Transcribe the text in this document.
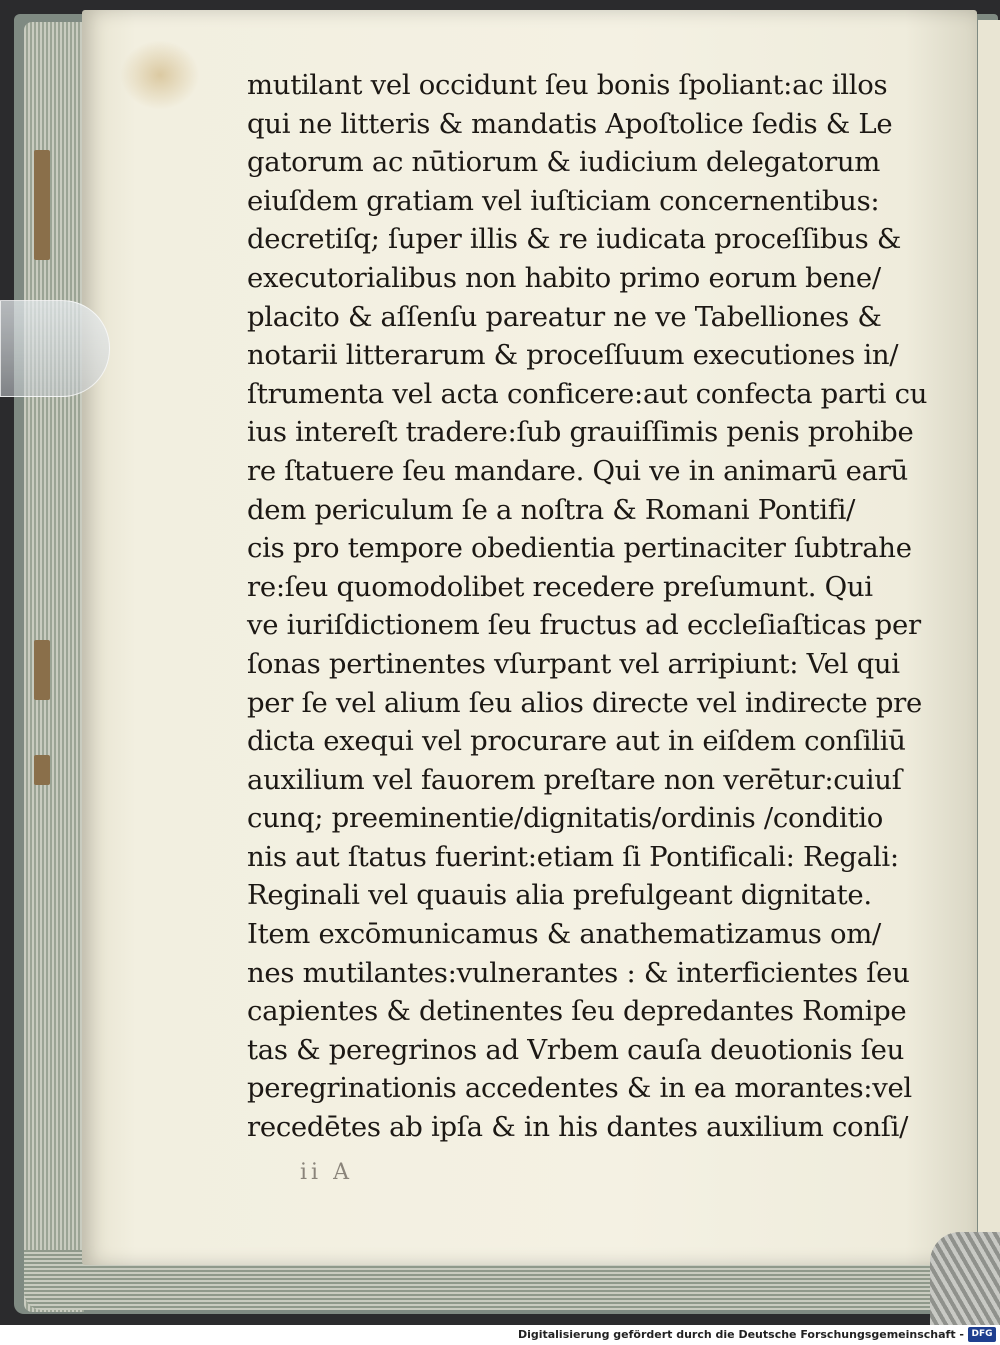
mutilant vel occidunt ſeu bonis ſpoliant:ac illos
qui ne litteris & mandatis Apoſtolice ſedis & Le
gatorum ac nūtiorum & iudicium delegatorum
eiuſdem gratiam vel iuſticiam concernentibus:
decretiſq; ſuper illis & re iudicata proceſſibus &
executorialibus non habito primo eorum bene/
placito & aſſenſu pareatur ne ve Tabelliones &
notarii litterarum & proceſſuum executiones in/
ſtrumenta vel acta conficere:aut confecta parti cu
ius intereſt tradere:ſub grauiſſimis penis prohibe
re ſtatuere ſeu mandare. Qui ve in animarū earū
dem periculum ſe a noſtra & Romani Pontifi/
cis pro tempore obedientia pertinaciter ſubtrahe
re:ſeu quomodolibet recedere preſumunt. Qui
ve iuriſdictionem ſeu fructus ad eccleſiaſticas per
ſonas pertinentes vſurpant vel arripiunt: Vel qui
per ſe vel alium ſeu alios directe vel indirecte pre
dicta exequi vel procurare aut in eiſdem conſiliū
auxilium vel fauorem preſtare non verētur:cuiuſ
cunq; preeminentie/dignitatis/ordinis /conditio
nis aut ſtatus fuerint:etiam ſi Pontificali: Regali:
Reginali vel quauis alia prefulgeant dignitate.
Item excōmunicamus & anathematizamus om/
nes mutilantes:vulnerantes : & interficientes ſeu
capientes & detinentes ſeu depredantes Romipe
tas & peregrinos ad Vrbem cauſa deuotionis ſeu
peregrinationis accedentes & in ea morantes:vel
recedētes ab ipſa & in his dantes auxilium conſi/
ii A
Digitalisierung gefördert durch die Deutsche Forschungsgemeinschaft - DFG
